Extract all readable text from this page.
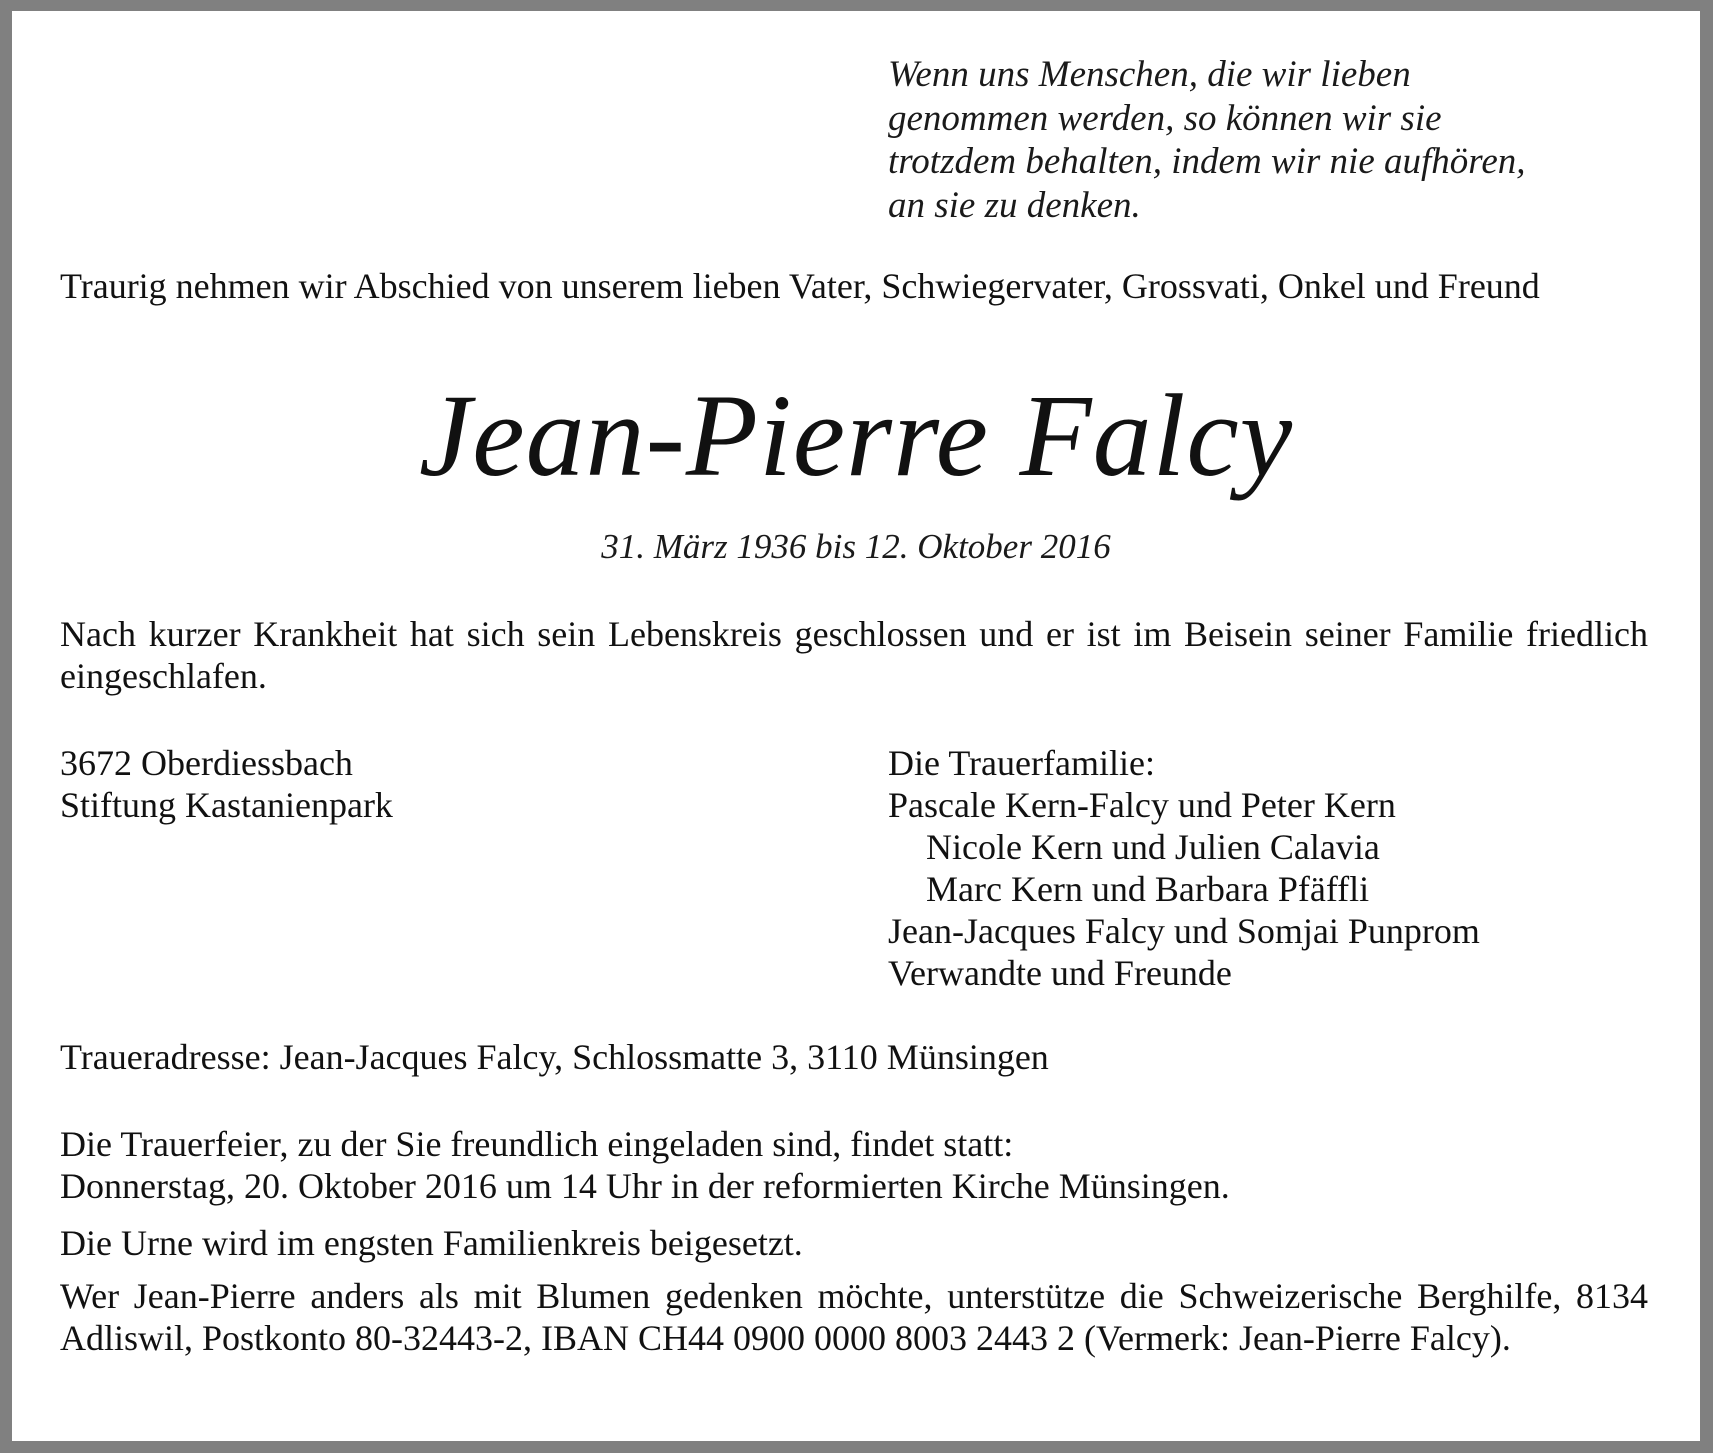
Wenn uns Menschen, die wir lieben
genommen werden, so können wir sie
trotzdem behalten, indem wir nie aufhören,
an sie zu denken.
Traurig nehmen wir Abschied von unserem lieben Vater, Schwiegervater, Grossvati, Onkel und Freund
Jean-Pierre Falcy
31. März 1936 bis 12. Oktober 2016
Nach kurzer Krankheit hat sich sein Lebenskreis geschlossen und er ist im Beisein seiner Familie friedlich eingeschlafen.
3672 Oberdiessbach
Stiftung Kastanienpark
Die Trauerfamilie:
Pascale Kern-Falcy und Peter Kern
Nicole Kern und Julien Calavia
Marc Kern und Barbara Pfäffli
Jean-Jacques Falcy und Somjai Punprom
Verwandte und Freunde
Traueradresse: Jean-Jacques Falcy, Schlossmatte 3, 3110 Münsingen
Die Trauerfeier, zu der Sie freundlich eingeladen sind, findet statt:
Donnerstag, 20. Oktober 2016 um 14 Uhr in der reformierten Kirche Münsingen.
Die Urne wird im engsten Familienkreis beigesetzt.
Wer Jean-Pierre anders als mit Blumen gedenken möchte, unterstütze die Schweizerische Berghilfe, 8134 Adliswil, Postkonto 80-32443-2, IBAN CH44 0900 0000 8003 2443 2 (Vermerk: Jean-Pierre Falcy).
